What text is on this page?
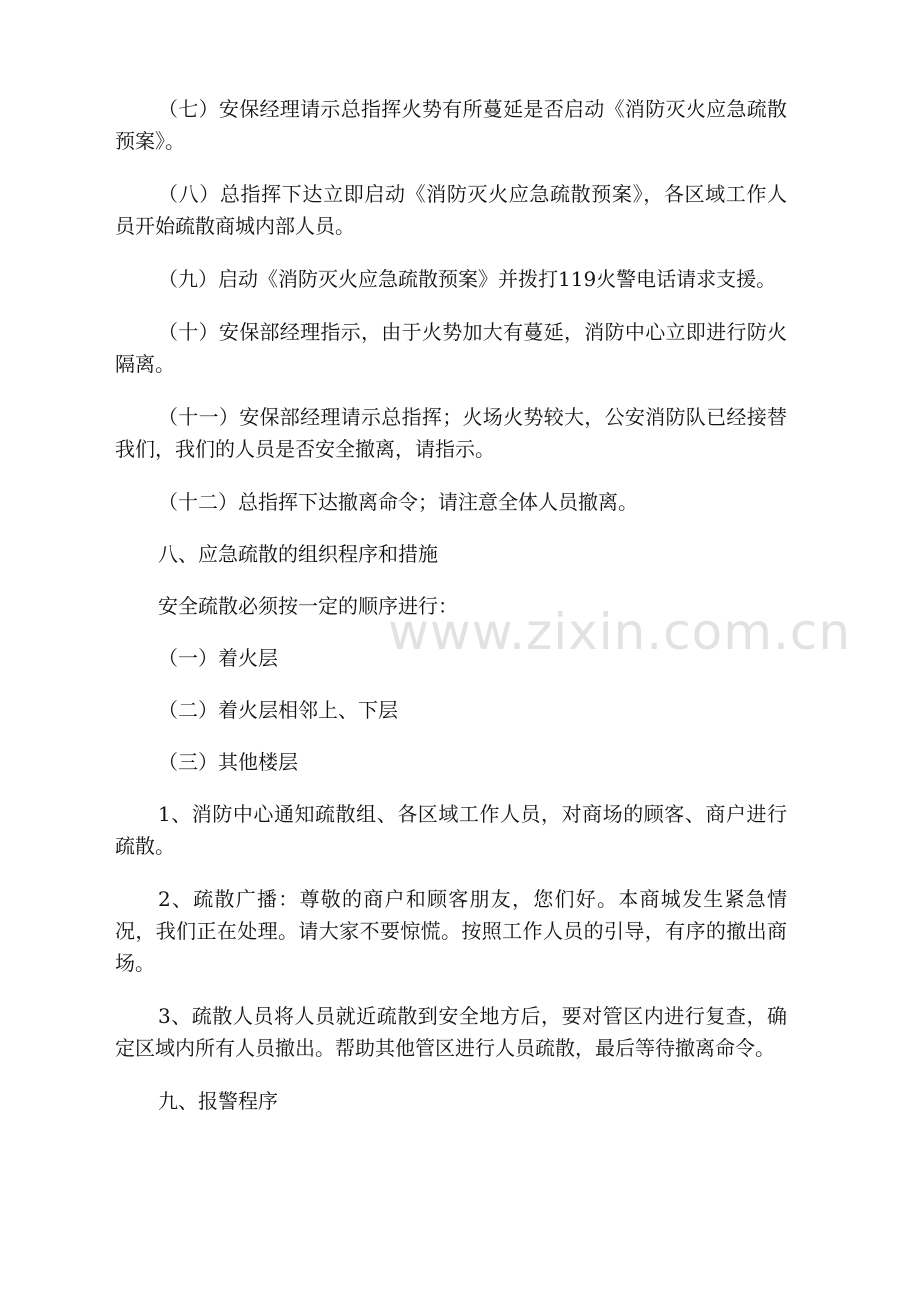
（七）安保经理请示总指挥火势有所蔓延是否启动《消防灭火应急疏散预案》。

（八）总指挥下达立即启动《消防灭火应急疏散预案》，各区域工作人员开始疏散商城内部人员。

（九）启动《消防灭火应急疏散预案》并拨打119火警电话请求支援。

（十）安保部经理指示，由于火势加大有蔓延，消防中心立即进行防火隔离。

（十一）安保部经理请示总指挥；火场火势较大，公安消防队已经接替我们，我们的人员是否安全撤离，请指示。

（十二）总指挥下达撤离命令；请注意全体人员撤离。

八、应急疏散的组织程序和措施

安全疏散必须按一定的顺序进行：

（一）着火层

（二）着火层相邻上、下层

（三）其他楼层

1、消防中心通知疏散组、各区域工作人员，对商场的顾客、商户进行疏散。

2、疏散广播：尊敬的商户和顾客朋友，您们好。本商城发生紧急情况，我们正在处理。请大家不要惊慌。按照工作人员的引导，有序的撤出商场。

3、疏散人员将人员就近疏散到安全地方后，要对管区内进行复查，确定区域内所有人员撤出。帮助其他管区进行人员疏散，最后等待撤离命令。

九、报警程序

www.zixin.com.cn
